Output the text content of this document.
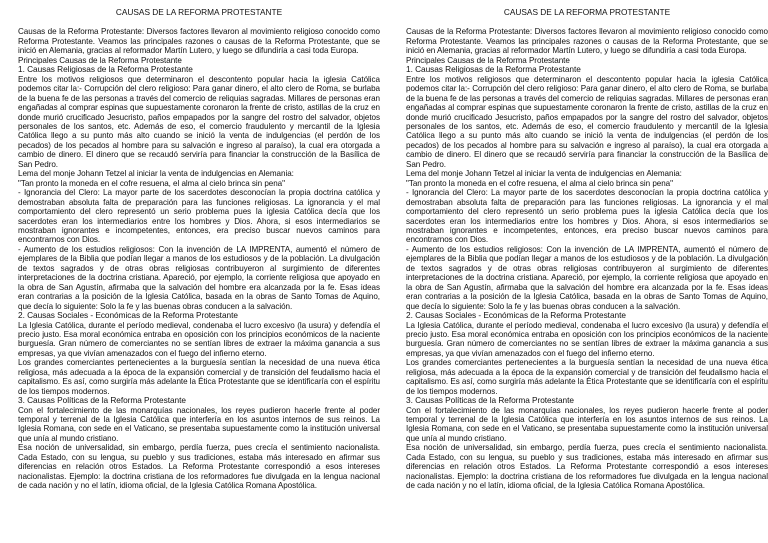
CAUSAS DE LA REFORMA PROTESTANTE

Causas de la Reforma Protestante: Diversos factores llevaron al movimiento religioso conocido como Reforma Protestante. Veamos las principales razones o causas de la Reforma Protestante, que se inició en Alemania, gracias al reformador Martín Lutero, y luego se difundiría a casi toda Europa.

Principales Causas de la Reforma Protestante

1. Causas Religiosas de la Reforma Protestante

Entre los motivos religiosos que determinaron el descontento popular hacia la iglesia Católica podemos citar la:- Corrupción del clero religioso: Para ganar dinero, el alto clero de Roma, se burlaba de la buena fe de las personas a través del comercio de reliquias sagradas. Millares de personas eran engañadas al comprar espinas que supuestamente coronaron la frente de cristo, astillas de la cruz en donde murió crucificado Jesucristo, paños empapados por la sangre del rostro del salvador, objetos personales de los santos, etc. Además de eso, el comercio fraudulento y mercantil de la Iglesia Católica llego a su punto más alto cuando se inició la venta de indulgencias (el perdón de los pecados) de los pecados al hombre para su salvación e ingreso al paraíso), la cual era otorgada a cambio de dinero. El dinero que se recaudó serviría para financiar la construcción de la Basílica de San Pedro.

Lema del monje Johann Tetzel al iniciar la venta de indulgencias en Alemania:

"Tan pronto la moneda en el cofre resuena, el alma al cielo brinca sin pena"

- Ignorancia del Clero: La mayor parte de los sacerdotes desconocían la propia doctrina católica y demostraban absoluta falta de preparación para las funciones religiosas. La ignorancia y el mal comportamiento del clero representó un serio problema pues la iglesia Católica decía que los sacerdotes eran los intermediarios entre los hombres y Dios. Ahora, si esos intermediarios se mostraban ignorantes e incompetentes, entonces, era preciso buscar nuevos caminos para encontrarnos con Dios.

- Aumento de los estudios religiosos: Con la invención de LA IMPRENTA, aumentó el número de ejemplares de la Biblia que podían llegar a manos de los estudiosos y de la población. La divulgación de textos sagrados y de otras obras religiosas contribuyeron al surgimiento de diferentes interpretaciones de la doctrina cristiana. Apareció, por ejemplo, la corriente religiosa que apoyado en la obra de San Agustín, afirmaba que la salvación del hombre era alcanzada por la fe. Esas ideas eran contrarias a la posición de la Iglesia Católica, basada en la obras de Santo Tomas de Aquino, que decía lo siguiente: Solo la fe y las buenas obras conducen a la salvación.

2. Causas Sociales - Económicas de la Reforma Protestante

La Iglesia Católica, durante el período medieval, condenaba el lucro excesivo (la usura) y defendía el precio justo. Esa moral económica entraba en oposición con los principios económicos de la naciente burguesía. Gran número de comerciantes no se sentían libres de extraer la máxima ganancia a sus empresas, ya que vivían amenazados con el fuego del infierno eterno.

Los grandes comerciantes pertenecientes a la burguesía sentían la necesidad de una nueva ética religiosa, más adecuada a la época de la expansión comercial y de transición del feudalismo hacia el capitalismo. Es así, como surgiría más adelante la Ética Protestante que se identificaría con el espíritu de los tiempos modernos.

3. Causas Políticas de la Reforma Protestante

Con el fortalecimiento de las monarquías nacionales, los reyes pudieron hacerle frente al poder temporal y terrenal de la Iglesia Católica que interfería en los asuntos internos de sus reinos. La Iglesia Romana, con sede en el Vaticano, se presentaba supuestamente como la institución universal que unía al mundo cristiano.

Esa noción de universalidad, sin embargo, perdía fuerza, pues crecía el sentimiento nacionalista. Cada Estado, con su lengua, su pueblo y sus tradiciones, estaba más interesado en afirmar sus diferencias en relación otros Estados. La Reforma Protestante correspondió a esos intereses nacionalistas. Ejemplo: la doctrina cristiana de los reformadores fue divulgada en la lengua nacional de cada nación y no el latín, idioma oficial, de la Iglesia Católica Romana Apostólica.

CAUSAS DE LA REFORMA PROTESTANTE

Causas de la Reforma Protestante: Diversos factores llevaron al movimiento religioso conocido como Reforma Protestante. Veamos las principales razones o causas de la Reforma Protestante, que se inició en Alemania, gracias al reformador Martín Lutero, y luego se difundiría a casi toda Europa.

Principales Causas de la Reforma Protestante

1. Causas Religiosas de la Reforma Protestante

Entre los motivos religiosos que determinaron el descontento popular hacia la iglesia Católica podemos citar la:- Corrupción del clero religioso: Para ganar dinero, el alto clero de Roma, se burlaba de la buena fe de las personas a través del comercio de reliquias sagradas. Millares de personas eran engañadas al comprar espinas que supuestamente coronaron la frente de cristo, astillas de la cruz en donde murió crucificado Jesucristo, paños empapados por la sangre del rostro del salvador, objetos personales de los santos, etc. Además de eso, el comercio fraudulento y mercantil de la Iglesia Católica llego a su punto más alto cuando se inició la venta de indulgencias (el perdón de los pecados) de los pecados al hombre para su salvación e ingreso al paraíso), la cual era otorgada a cambio de dinero. El dinero que se recaudó serviría para financiar la construcción de la Basílica de San Pedro.

Lema del monje Johann Tetzel al iniciar la venta de indulgencias en Alemania:

"Tan pronto la moneda en el cofre resuena, el alma al cielo brinca sin pena"

- Ignorancia del Clero: La mayor parte de los sacerdotes desconocían la propia doctrina católica y demostraban absoluta falta de preparación para las funciones religiosas. La ignorancia y el mal comportamiento del clero representó un serio problema pues la iglesia Católica decía que los sacerdotes eran los intermediarios entre los hombres y Dios. Ahora, si esos intermediarios se mostraban ignorantes e incompetentes, entonces, era preciso buscar nuevos caminos para encontrarnos con Dios.

- Aumento de los estudios religiosos: Con la invención de LA IMPRENTA, aumentó el número de ejemplares de la Biblia que podían llegar a manos de los estudiosos y de la población. La divulgación de textos sagrados y de otras obras religiosas contribuyeron al surgimiento de diferentes interpretaciones de la doctrina cristiana. Apareció, por ejemplo, la corriente religiosa que apoyado en la obra de San Agustín, afirmaba que la salvación del hombre era alcanzada por la fe. Esas ideas eran contrarias a la posición de la Iglesia Católica, basada en la obras de Santo Tomas de Aquino, que decía lo siguiente: Solo la fe y las buenas obras conducen a la salvación.

2. Causas Sociales - Económicas de la Reforma Protestante

La Iglesia Católica, durante el período medieval, condenaba el lucro excesivo (la usura) y defendía el precio justo. Esa moral económica entraba en oposición con los principios económicos de la naciente burguesía. Gran número de comerciantes no se sentían libres de extraer la máxima ganancia a sus empresas, ya que vivían amenazados con el fuego del infierno eterno.

Los grandes comerciantes pertenecientes a la burguesía sentían la necesidad de una nueva ética religiosa, más adecuada a la época de la expansión comercial y de transición del feudalismo hacia el capitalismo. Es así, como surgiría más adelante la Ética Protestante que se identificaría con el espíritu de los tiempos modernos.

3. Causas Políticas de la Reforma Protestante

Con el fortalecimiento de las monarquías nacionales, los reyes pudieron hacerle frente al poder temporal y terrenal de la Iglesia Católica que interfería en los asuntos internos de sus reinos. La Iglesia Romana, con sede en el Vaticano, se presentaba supuestamente como la institución universal que unía al mundo cristiano.

Esa noción de universalidad, sin embargo, perdía fuerza, pues crecía el sentimiento nacionalista. Cada Estado, con su lengua, su pueblo y sus tradiciones, estaba más interesado en afirmar sus diferencias en relación otros Estados. La Reforma Protestante correspondió a esos intereses nacionalistas. Ejemplo: la doctrina cristiana de los reformadores fue divulgada en la lengua nacional de cada nación y no el latín, idioma oficial, de la Iglesia Católica Romana Apostólica.
